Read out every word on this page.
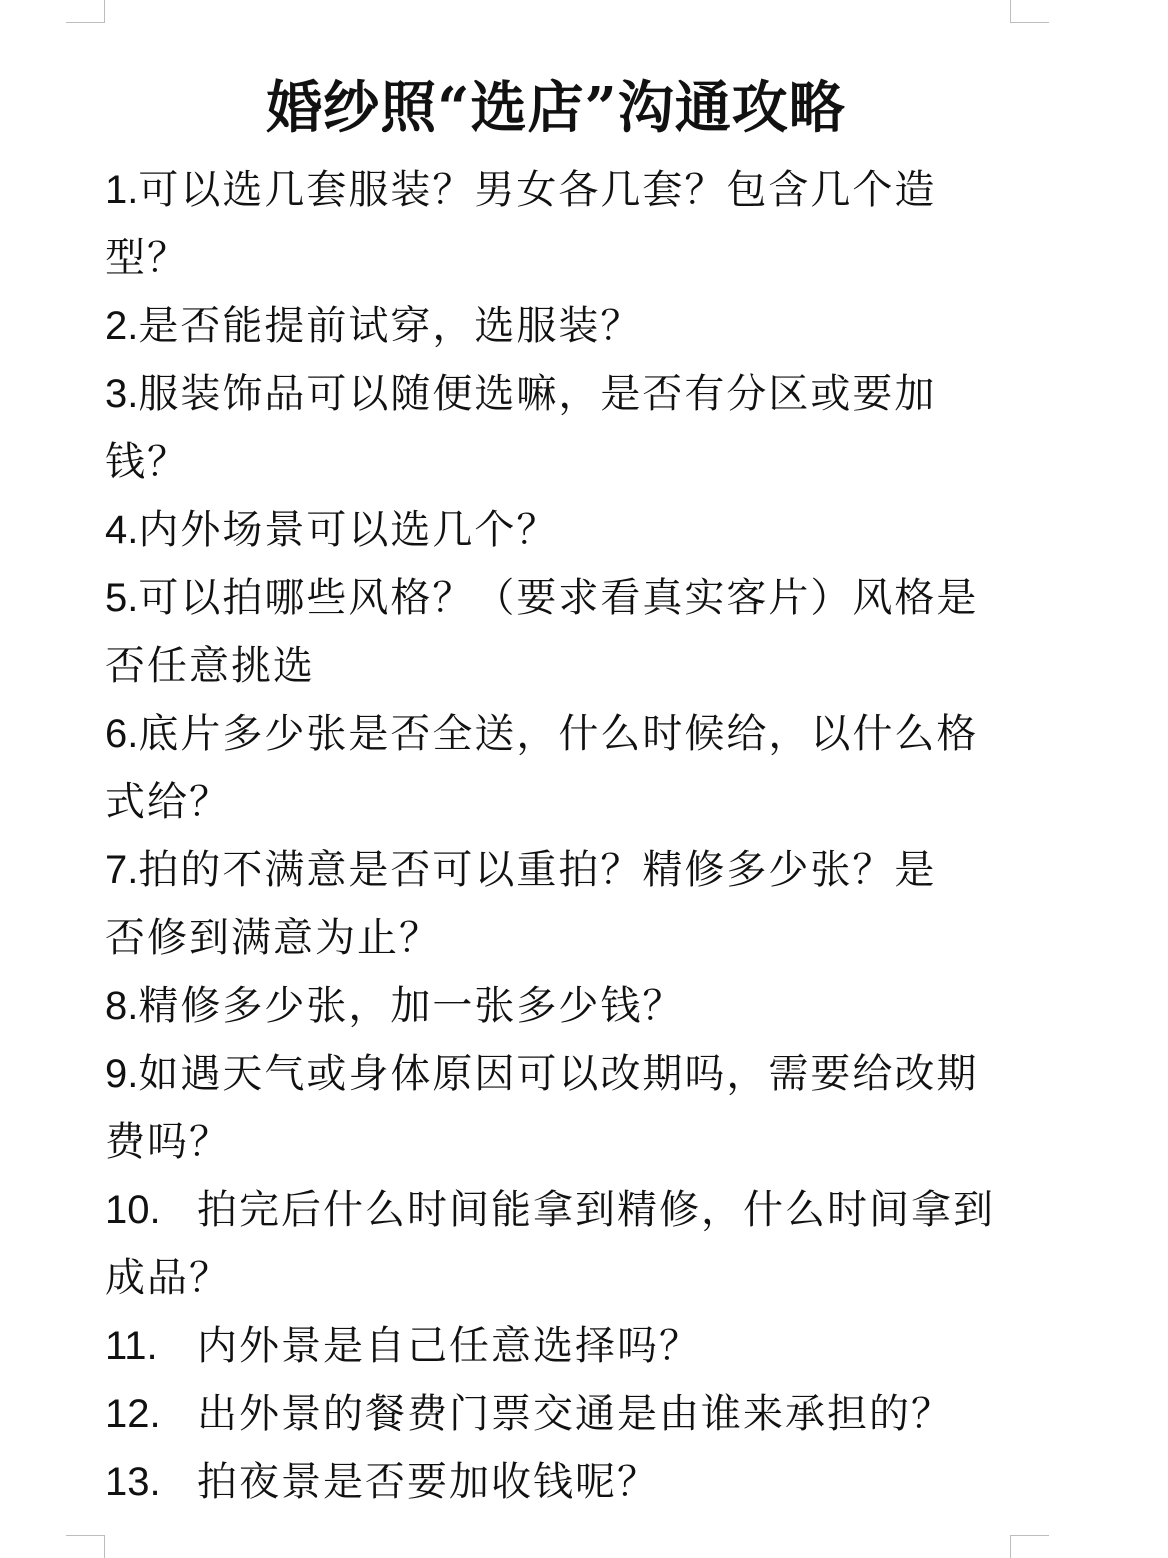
婚纱照“选店”沟通攻略
1.可以选几套服装？男女各几套？包含几个造
型？
2.是否能提前试穿，选服装？
3.服装饰品可以随便选嘛，是否有分区或要加
钱？
4.内外场景可以选几个？
5.可以拍哪些风格？（要求看真实客片）风格是
否任意挑选
6.底片多少张是否全送，什么时候给，以什么格
式给？
7.拍的不满意是否可以重拍？精修多少张？是
否修到满意为止？
8.精修多少张，加一张多少钱？
9.如遇天气或身体原因可以改期吗，需要给改期
费吗？
10. 拍完后什么时间能拿到精修，什么时间拿到
成品？
11. 内外景是自己任意选择吗？
12. 出外景的餐费门票交通是由谁来承担的？
13. 拍夜景是否要加收钱呢？
